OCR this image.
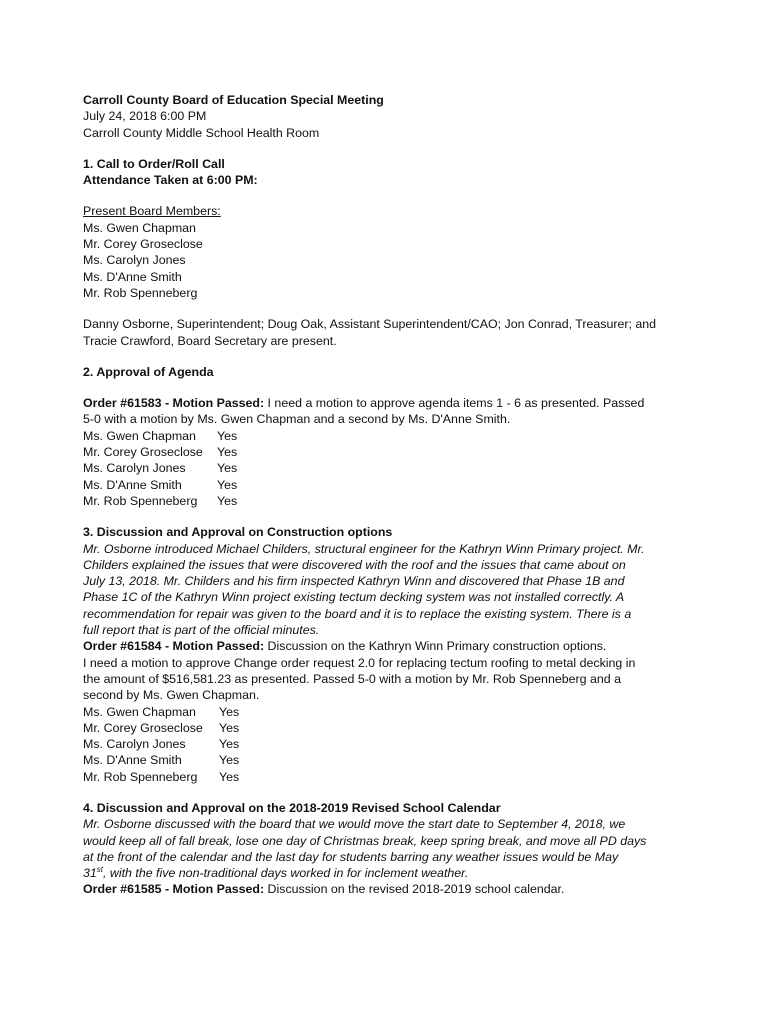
Carroll County Board of Education Special Meeting
July 24, 2018 6:00 PM
Carroll County Middle School Health Room
1. Call to Order/Roll Call
Attendance Taken at 6:00 PM:
Present Board Members:
Ms. Gwen Chapman
Mr. Corey Groseclose
Ms. Carolyn Jones
Ms. D'Anne Smith
Mr. Rob Spenneberg
Danny Osborne, Superintendent; Doug Oak, Assistant Superintendent/CAO; Jon Conrad, Treasurer; and
Tracie Crawford, Board Secretary are present.
2. Approval of Agenda
Order #61583 - Motion Passed: I need a motion to approve agenda items 1 - 6 as presented. Passed
5-0 with a motion by Ms. Gwen Chapman and a second by Ms. D'Anne Smith.
Ms. Gwen Chapman	Yes
Mr. Corey Groseclose	Yes
Ms. Carolyn Jones	Yes
Ms. D'Anne Smith	Yes
Mr. Rob Spenneberg	Yes
3. Discussion and Approval on Construction options
Mr. Osborne introduced Michael Childers, structural engineer for the Kathryn Winn Primary project. Mr.
Childers explained the issues that were discovered with the roof and the issues that came about on
July 13, 2018. Mr. Childers and his firm inspected Kathryn Winn and discovered that Phase 1B and
Phase 1C of the Kathryn Winn project existing tectum decking system was not installed correctly. A
recommendation for repair was given to the board and it is to replace the existing system. There is a
full report that is part of the official minutes.
Order #61584 - Motion Passed: Discussion on the Kathryn Winn Primary construction options.
I need a motion to approve Change order request 2.0 for replacing tectum roofing to metal decking in
the amount of $516,581.23 as presented. Passed 5-0 with a motion by Mr. Rob Spenneberg and a
second by Ms. Gwen Chapman.
Ms. Gwen Chapman	Yes
Mr. Corey Groseclose	Yes
Ms. Carolyn Jones	Yes
Ms. D'Anne Smith	Yes
Mr. Rob Spenneberg	Yes
4. Discussion and Approval on the 2018-2019 Revised School Calendar
Mr. Osborne discussed with the board that we would move the start date to September 4, 2018, we
would keep all of fall break, lose one day of Christmas break, keep spring break, and move all PD days
at the front of the calendar and the last day for students barring any weather issues would be May
31st, with the five non-traditional days worked in for inclement weather.
Order #61585 - Motion Passed: Discussion on the revised 2018-2019 school calendar.
